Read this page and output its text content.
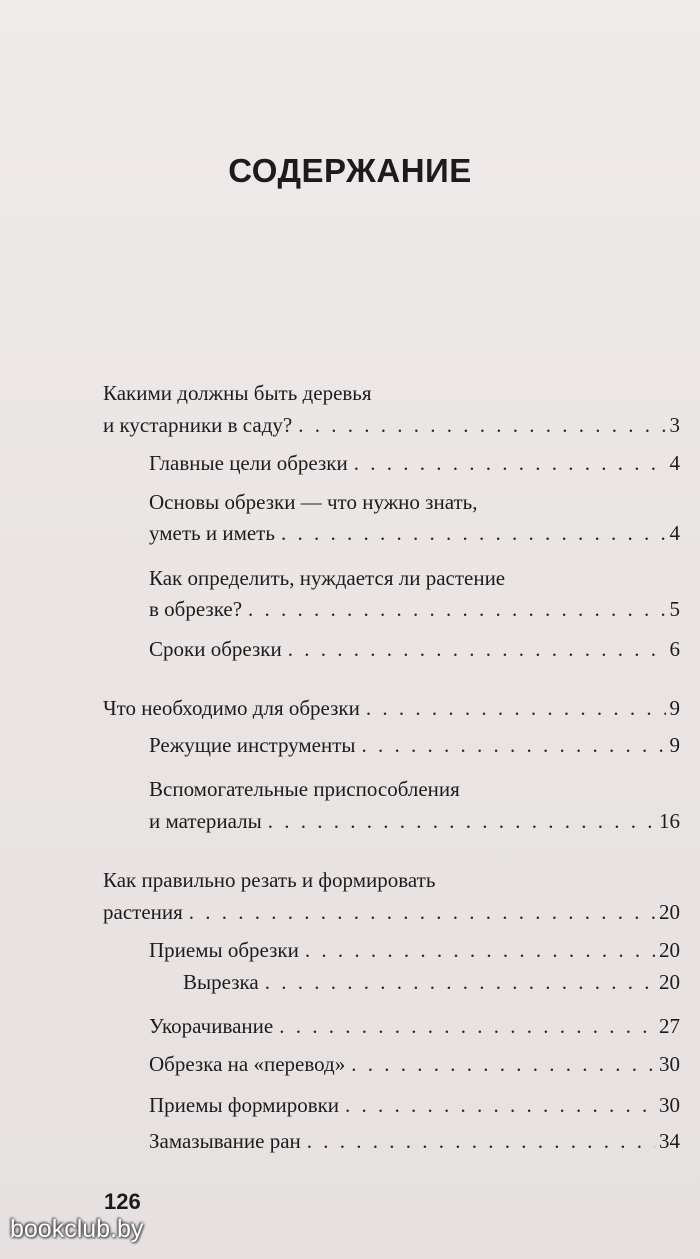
СОДЕРЖАНИЕ
Какими должны быть деревья
и кустарники в саду? . . .	3
Главные цели обрезки . . .	4
Основы обрезки — что нужно знать,
уметь и иметь . . .	4
Как определить, нуждается ли растение
в обрезке? . . .	5
Сроки обрезки . . .	6
Что необходимо для обрезки . . .	9
Режущие инструменты . . .	9
Вспомогательные приспособления
и материалы . . .	16
Как правильно резать и формировать
растения . . .	20
Приемы обрезки . . .	20
Вырезка . . .	20
Укорачивание . . .	27
Обрезка на «перевод» . . .	30
Приемы формировки . . .	30
Замазывание ран . . .	34
126
bookclub.by
